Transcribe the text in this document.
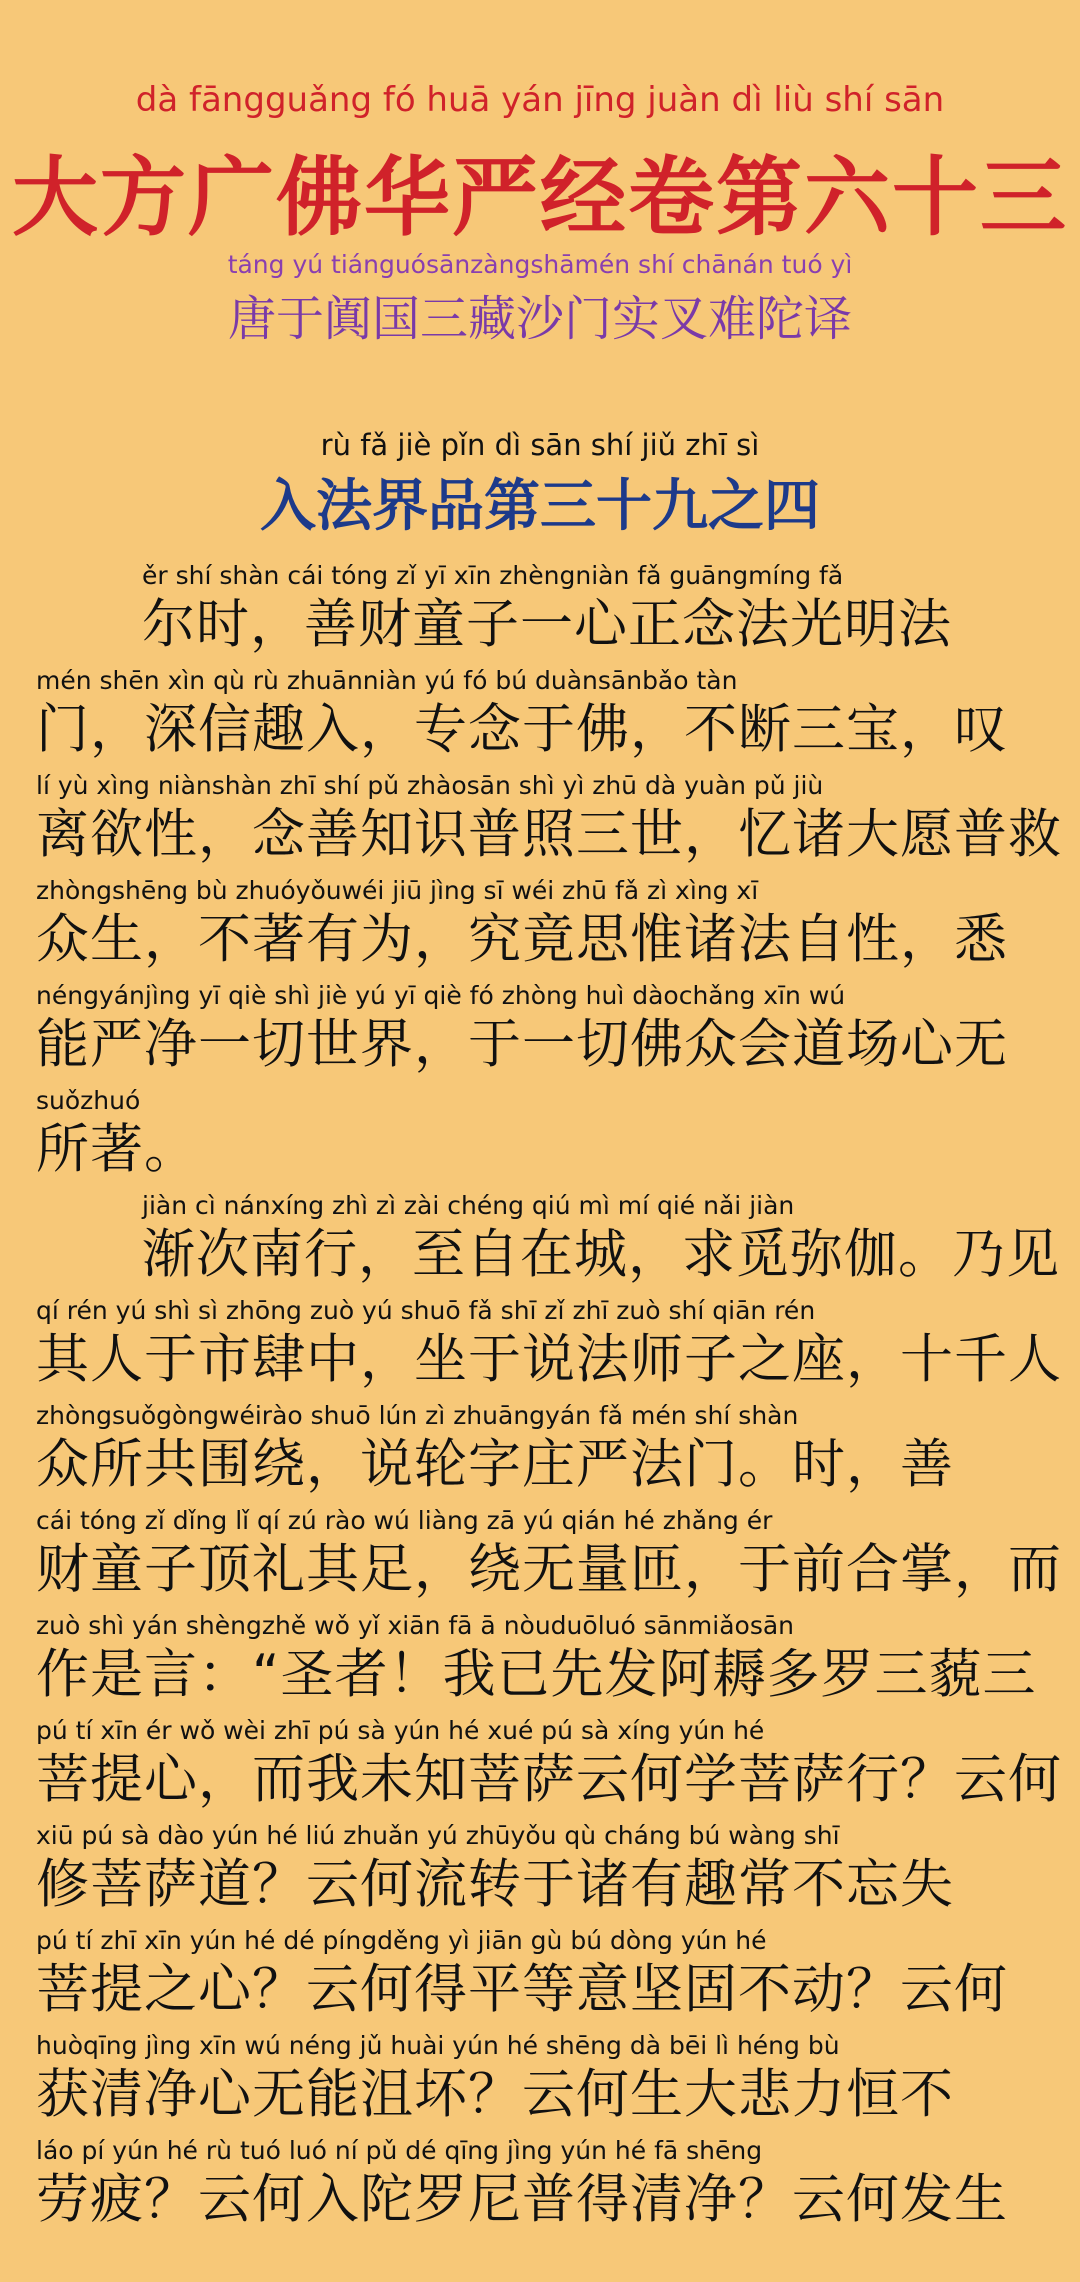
dà fāngguǎng fó huā yán jīng juàn dì liù shí sān
大方广佛华严经卷第六十三
táng yú tiánguósānzàngshāmén shí chānán tuó yì
唐于阗国三藏沙门实叉难陀译
rù fǎ jiè pǐn dì sān shí jiǔ zhī sì
入法界品第三十九之四
ěr shí shàn cái tóng zǐ yī xīn zhèngniàn fǎ guāngmíng fǎ
尔时，善财童子一心正念法光明法
mén shēn xìn qù rù zhuānniàn yú fó bú duànsānbǎo tàn
门，深信趣入，专念于佛，不断三宝，叹
lí yù xìng niànshàn zhī shí pǔ zhàosān shì yì zhū dà yuàn pǔ jiù
离欲性，念善知识普照三世，忆诸大愿普救
zhòngshēng bù zhuóyǒuwéi jiū jìng sī wéi zhū fǎ zì xìng xī
众生，不著有为，究竟思惟诸法自性，悉
néngyánjìng yī qiè shì jiè yú yī qiè fó zhòng huì dàochǎng xīn wú
能严净一切世界，于一切佛众会道场心无
suǒzhuó
所著。
jiàn cì nánxíng zhì zì zài chéng qiú mì mí qié nǎi jiàn
渐次南行，至自在城，求觅弥伽。乃见
qí rén yú shì sì zhōng zuò yú shuō fǎ shī zǐ zhī zuò shí qiān rén
其人于市肆中，坐于说法师子之座，十千人
zhòngsuǒgòngwéirào shuō lún zì zhuāngyán fǎ mén shí shàn
众所共围绕，说轮字庄严法门。时，善
cái tóng zǐ dǐng lǐ qí zú rào wú liàng zā yú qián hé zhǎng ér
财童子顶礼其足，绕无量匝，于前合掌，而
zuò shì yán shèngzhě wǒ yǐ xiān fā ā nòuduōluó sānmiǎosān
作是言：“圣者！我已先发阿耨多罗三藐三
pú tí xīn ér wǒ wèi zhī pú sà yún hé xué pú sà xíng yún hé
菩提心，而我未知菩萨云何学菩萨行？云何
xiū pú sà dào yún hé liú zhuǎn yú zhūyǒu qù cháng bú wàng shī
修菩萨道？云何流转于诸有趣常不忘失
pú tí zhī xīn yún hé dé píngděng yì jiān gù bú dòng yún hé
菩提之心？云何得平等意坚固不动？云何
huòqīng jìng xīn wú néng jǔ huài yún hé shēng dà bēi lì héng bù
获清净心无能沮坏？云何生大悲力恒不
láo pí yún hé rù tuó luó ní pǔ dé qīng jìng yún hé fā shēng
劳疲？云何入陀罗尼普得清净？云何发生
